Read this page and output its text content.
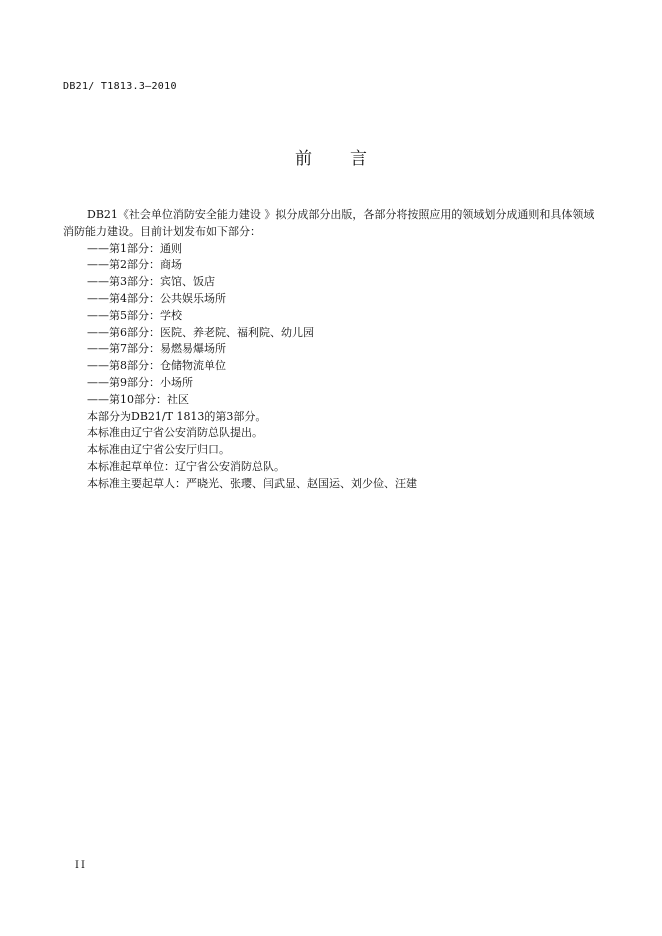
DB21/ T1813.3—2010
前 言

DB21《社会单位消防安全能力建设 》拟分成部分出版，各部分将按照应用的领域划分成通则和具体领域消防能力建设。目前计划发布如下部分：

——第1部分：通则

——第2部分：商场

——第3部分：宾馆、饭店

——第4部分：公共娱乐场所

——第5部分：学校

——第6部分：医院、养老院、福利院、幼儿园

——第7部分：易燃易爆场所

——第8部分：仓储物流单位

——第9部分：小场所

——第10部分：社区

本部分为DB21/T 1813的第3部分。

本标准由辽宁省公安消防总队提出。

本标准由辽宁省公安厅归口。

本标准起草单位：辽宁省公安消防总队。

本标准主要起草人：严晓光、张璎、闫武显、赵国运、刘少俭、汪建

II
